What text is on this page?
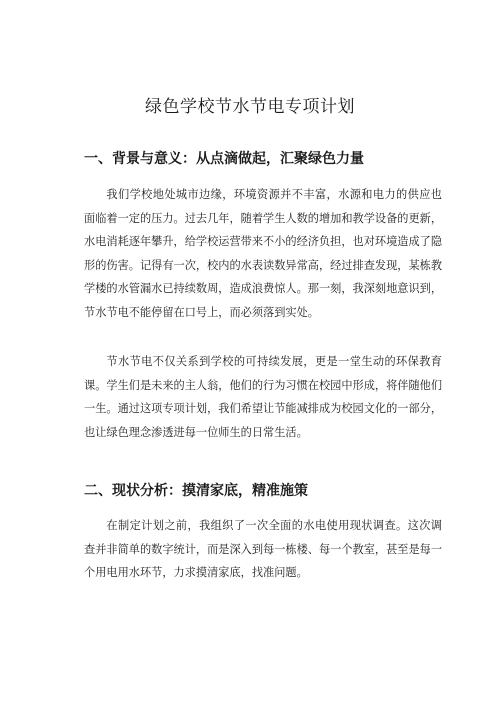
绿色学校节水节电专项计划
一、背景与意义：从点滴做起，汇聚绿色力量
我们学校地处城市边缘，环境资源并不丰富，水源和电力的供应也面临着一定的压力。过去几年，随着学生人数的增加和教学设备的更新，水电消耗逐年攀升，给学校运营带来不小的经济负担，也对环境造成了隐形的伤害。记得有一次，校内的水表读数异常高，经过排查发现，某栋教学楼的水管漏水已持续数周，造成浪费惊人。那一刻，我深刻地意识到，节水节电不能停留在口号上，而必须落到实处。
节水节电不仅关系到学校的可持续发展，更是一堂生动的环保教育课。学生们是未来的主人翁，他们的行为习惯在校园中形成，将伴随他们一生。通过这项专项计划，我们希望让节能减排成为校园文化的一部分，也让绿色理念渗透进每一位师生的日常生活。
二、现状分析：摸清家底，精准施策
在制定计划之前，我组织了一次全面的水电使用现状调查。这次调查并非简单的数字统计，而是深入到每一栋楼、每一个教室，甚至是每一个用电用水环节，力求摸清家底，找准问题。
